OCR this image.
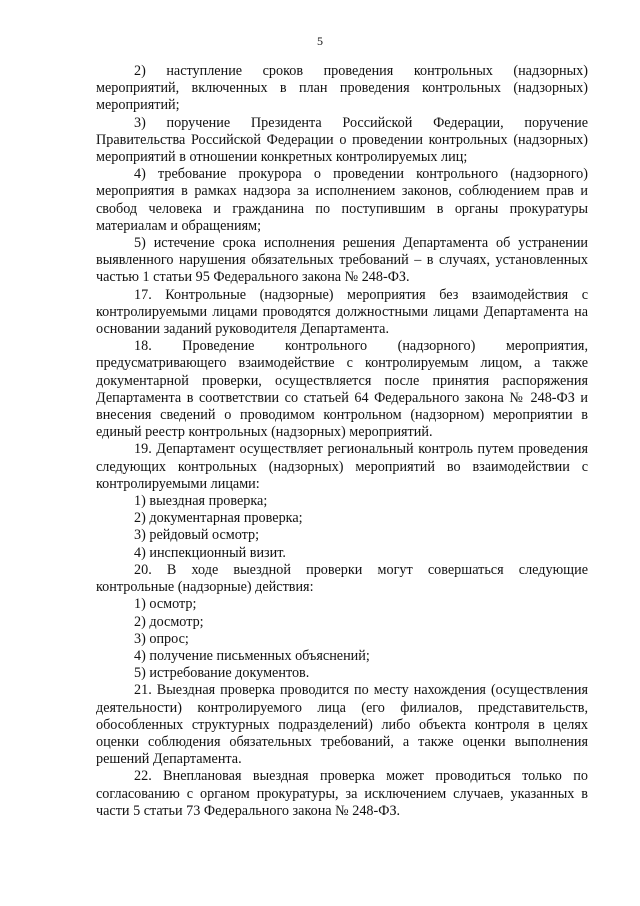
5

2) наступление сроков проведения контрольных (надзорных) мероприятий, включенных в план проведения контрольных (надзорных) мероприятий;

3) поручение Президента Российской Федерации, поручение Правительства Российской Федерации о проведении контрольных (надзорных) мероприятий в отношении конкретных контролируемых лиц;

4) требование прокурора о проведении контрольного (надзорного) мероприятия в рамках надзора за исполнением законов, соблюдением прав и свобод человека и гражданина по поступившим в органы прокуратуры материалам и обращениям;

5) истечение срока исполнения решения Департамента об устранении выявленного нарушения обязательных требований – в случаях, установленных частью 1 статьи 95 Федерального закона № 248-ФЗ.

17. Контрольные (надзорные) мероприятия без взаимодействия с контролируемыми лицами проводятся должностными лицами Департамента на основании заданий руководителя Департамента.

18. Проведение контрольного (надзорного) мероприятия, предусматривающего взаимодействие с контролируемым лицом, а также документарной проверки, осуществляется после принятия распоряжения Департамента в соответствии со статьей 64 Федерального закона № 248-ФЗ и внесения сведений о проводимом контрольном (надзорном) мероприятии в единый реестр контрольных (надзорных) мероприятий.

19. Департамент осуществляет региональный контроль путем проведения следующих контрольных (надзорных) мероприятий во взаимодействии с контролируемыми лицами:

1) выездная проверка;

2) документарная проверка;

3) рейдовый осмотр;

4) инспекционный визит.

20. В ходе выездной проверки могут совершаться следующие контрольные (надзорные) действия:

1) осмотр;

2) досмотр;

3) опрос;

4) получение письменных объяснений;

5) истребование документов.

21. Выездная проверка проводится по месту нахождения (осуществления деятельности) контролируемого лица (его филиалов, представительств, обособленных структурных подразделений) либо объекта контроля в целях оценки соблюдения обязательных требований, а также оценки выполнения решений Департамента.

22. Внеплановая выездная проверка может проводиться только по согласованию с органом прокуратуры, за исключением случаев, указанных в части 5 статьи 73 Федерального закона № 248-ФЗ.
